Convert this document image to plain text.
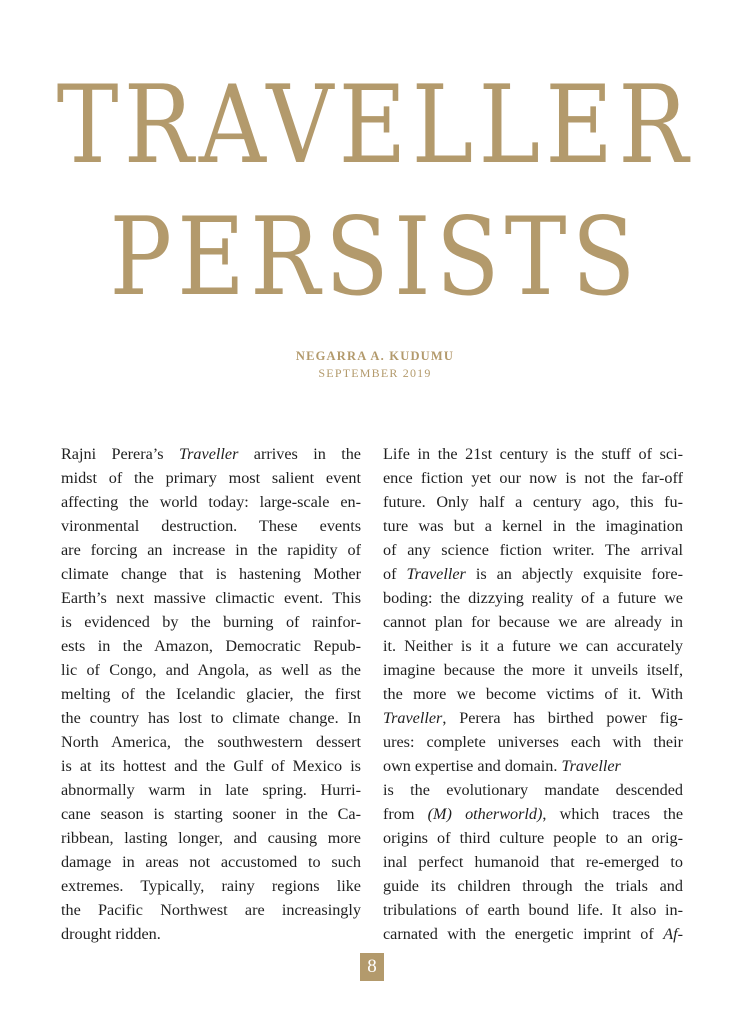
TRAVELLER
PERSISTS
NEGARRA A. KUDUMU
SEPTEMBER 2019
Rajni Perera’s Traveller arrives in the
midst of the primary most salient event
affecting the world today: large-scale en-
vironmental destruction. These events
are forcing an increase in the rapidity of
climate change that is hastening Mother
Earth’s next massive climactic event. This
is evidenced by the burning of rainfor-
ests in the Amazon, Democratic Repub-
lic of Congo, and Angola, as well as the
melting of the Icelandic glacier, the first
the country has lost to climate change. In
North America, the southwestern dessert
is at its hottest and the Gulf of Mexico is
abnormally warm in late spring. Hurri-
cane season is starting sooner in the Ca-
ribbean, lasting longer, and causing more
damage in areas not accustomed to such
extremes. Typically, rainy regions like
the Pacific Northwest are increasingly
drought ridden.
Life in the 21st century is the stuff of sci-
ence fiction yet our now is not the far-off
future. Only half a century ago, this fu-
ture was but a kernel in the imagination
of any science fiction writer. The arrival
of Traveller is an abjectly exquisite fore-
boding: the dizzying reality of a future we
cannot plan for because we are already in
it. Neither is it a future we can accurately
imagine because the more it unveils itself,
the more we become victims of it. With
Traveller, Perera has birthed power fig-
ures: complete universes each with their
own expertise and domain. Traveller
is the evolutionary mandate descended
from (M) otherworld), which traces the
origins of third culture people to an orig-
inal perfect humanoid that re-emerged to
guide its children through the trials and
tribulations of earth bound life. It also in-
carnated with the energetic imprint of Af-
8
